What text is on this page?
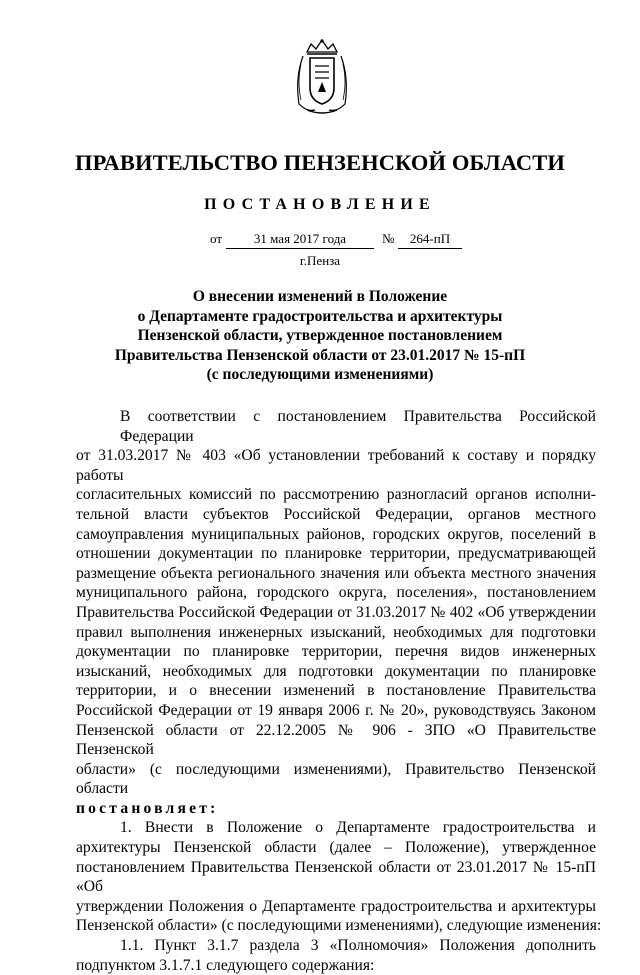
ПРАВИТЕЛЬСТВО ПЕНЗЕНСКОЙ ОБЛАСТИ
ПОСТАНОВЛЕНИЕ
от	31 мая 2017 года	№	264-пП
г.Пенза
О внесении изменений в Положение
о Департаменте градостроительства и архитектуры
Пензенской области, утвержденное постановлением
Правительства Пензенской области от 23.01.2017 № 15-пП
(с последующими изменениями)
В соответствии с постановлением Правительства Российской Федерации
от 31.03.2017 № 403 «Об установлении требований к составу и порядку работы
согласительных комиссий по рассмотрению разногласий органов исполни-
тельной власти субъектов Российской Федерации, органов местного
самоуправления муниципальных районов, городских округов, поселений в
отношении документации по планировке территории, предусматривающей
размещение объекта регионального значения или объекта местного значения
муниципального района, городского округа, поселения», постановлением
Правительства Российской Федерации от 31.03.2017 № 402 «Об утверждении
правил выполнения инженерных изысканий, необходимых для подготовки
документации по планировке территории, перечня видов инженерных
изысканий, необходимых для подготовки документации по планировке
территории, и о внесении изменений в постановление Правительства
Российской Федерации от 19 января 2006 г. № 20», руководствуясь Законом
Пензенской области от 22.12.2005 № 906 - ЗПО «О Правительстве Пензенской
области» (с последующими изменениями), Правительство Пензенской области
постановляет:
1. Внести в Положение о Департаменте градостроительства и
архитектуры Пензенской области (далее – Положение), утвержденное
постановлением Правительства Пензенской области от 23.01.2017 № 15-пП «Об
утверждении Положения о Департаменте градостроительства и архитектуры
Пензенской области» (с последующими изменениями), следующие изменения:
1.1. Пункт 3.1.7 раздела 3 «Полномочия» Положения дополнить
подпунктом 3.1.7.1 следующего содержания:
